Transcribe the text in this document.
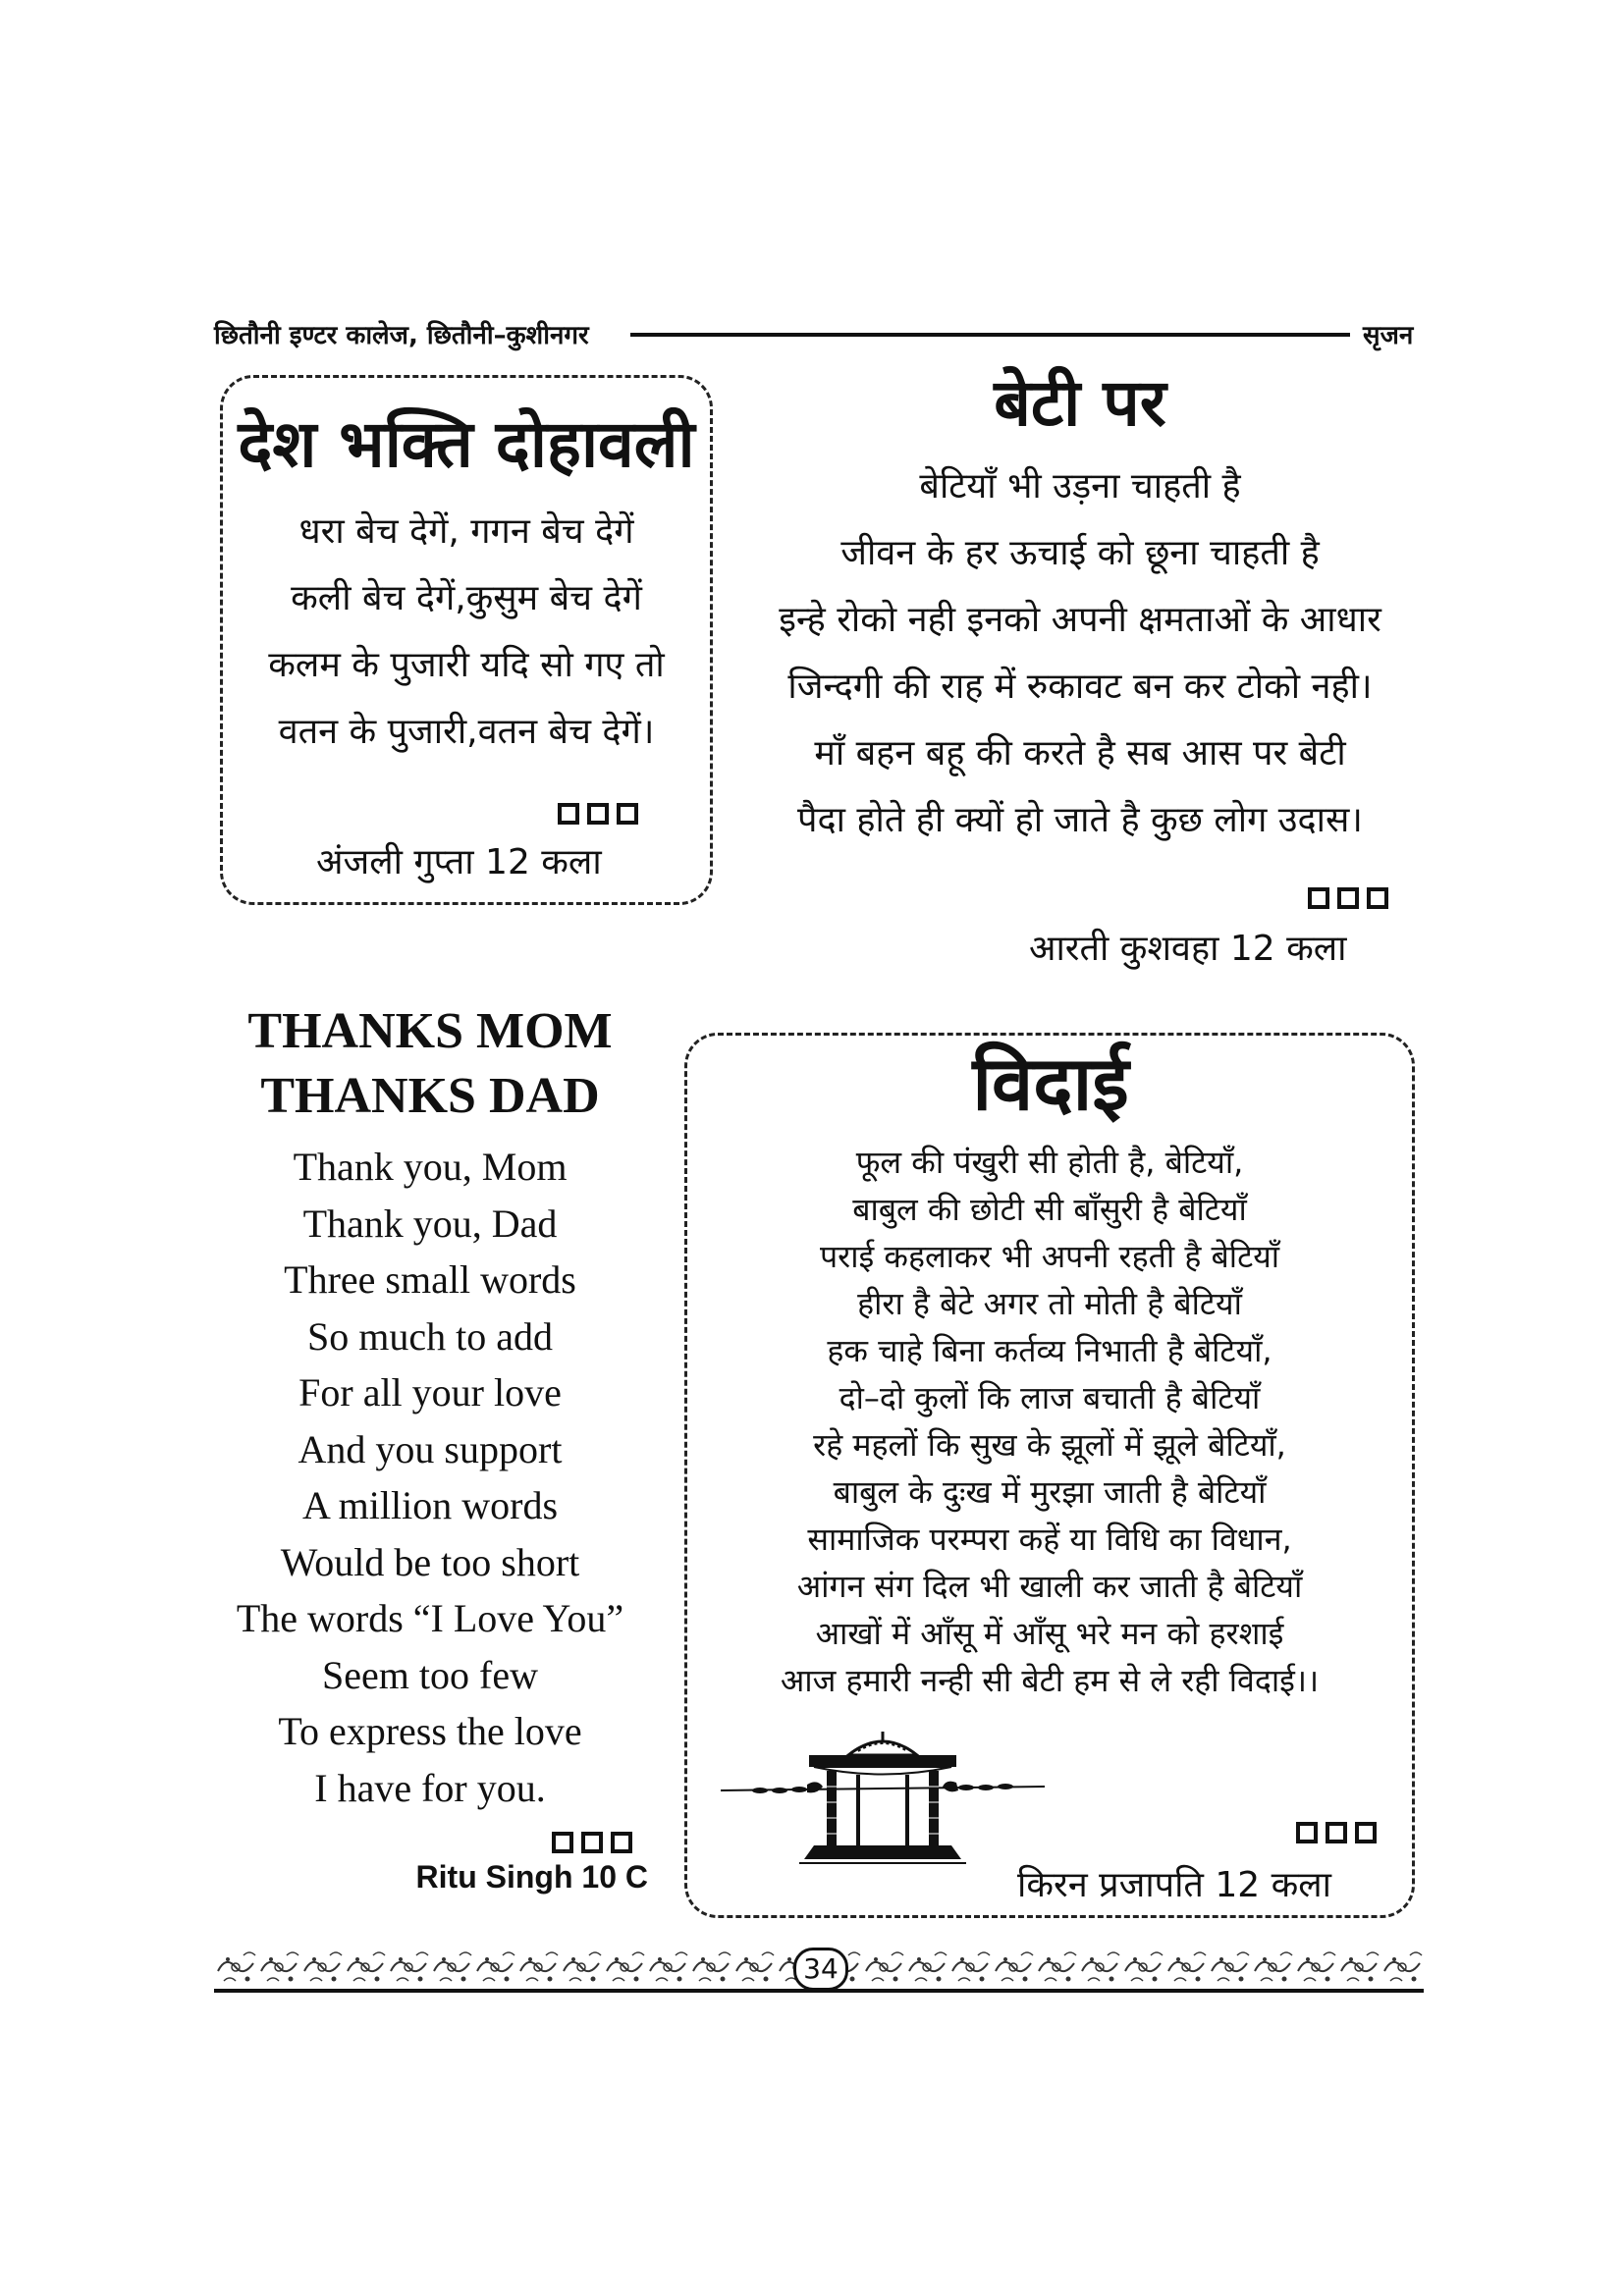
छितौनी इण्टर कालेज, छितौनी–कुशीनगर	सृजन
देश भक्ति दोहावली
धरा बेच देगें, गगन बेच देगें
कली बेच देगें,कुसुम बेच देगें
कलम के पुजारी यदि सो गए तो
वतन के पुजारी,वतन बेच देगें।
अंजली गुप्ता 12 कला
बेटी पर
बेटियाँ भी उड़ना चाहती है
जीवन के हर ऊचाई को छूना चाहती है
इन्हे रोको नही इनको अपनी क्षमताओं के आधार
जिन्दगी की राह में रुकावट बन कर टोको नही।
माँ बहन बहू की करते है सब आस पर बेटी
पैदा होते ही क्यों हो जाते है कुछ लोग उदास।
आरती कुशवहा 12 कला
THANKS MOM
THANKS DAD
Thank you, Mom
Thank you, Dad
Three small words
So much to add
For all your love
And you support
A million words
Would be too short
The words “I Love You”
Seem too few
To express the love
I have for you.
Ritu Singh 10 C
विदाई
फूल की पंखुरी सी होती है, बेटियाँ,
बाबुल की छोटी सी बाँसुरी है बेटियाँ
पराई कहलाकर भी अपनी रहती है बेटियाँ
हीरा है बेटे अगर तो मोती है बेटियाँ
हक चाहे बिना कर्तव्य निभाती है बेटियाँ,
दो–दो कुलों कि लाज बचाती है बेटियाँ
रहे महलों कि सुख के झूलों में झूले बेटियाँ,
बाबुल के दुःख में मुरझा जाती है बेटियाँ
सामाजिक परम्परा कहें या विधि का विधान,
आंगन संग दिल भी खाली कर जाती है बेटियाँ
आखों में आँसू में आँसू भरे मन को हरशाई
आज हमारी नन्ही सी बेटी हम से ले रही विदाई।।
किरन प्रजापति 12 कला
34
